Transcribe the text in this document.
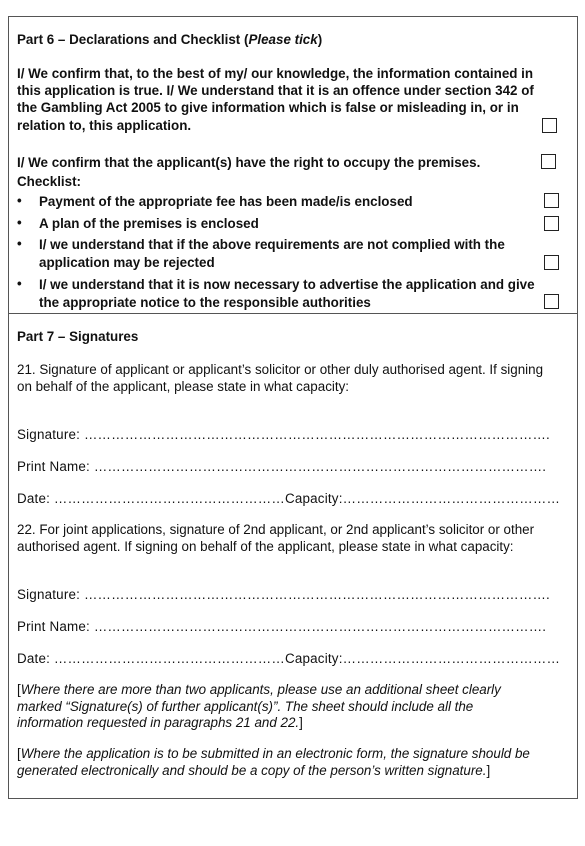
Part 6 – Declarations and Checklist (Please tick)
I/ We confirm that, to the best of my/ our knowledge, the information contained in
this application is true. I/ We understand that it is an offence under section 342 of
the Gambling Act 2005 to give information which is false or misleading in, or in
relation to, this application.
I/ We confirm that the applicant(s) have the right to occupy the premises.
Checklist:
• Payment of the appropriate fee has been made/is enclosed
• A plan of the premises is enclosed
• I/ we understand that if the above requirements are not complied with the
application may be rejected
• I/ we understand that it is now necessary to advertise the application and give
the appropriate notice to the responsible authorities
Part 7 – Signatures
21. Signature of applicant or applicant’s solicitor or other duly authorised agent. If signing
on behalf of the applicant, please state in what capacity:
Signature: ………………………………………………………………………………………….
Print Name: ……………………………………………………………………………………….
Date: …………………………………………… Capacity:…………………………………………
22. For joint applications, signature of 2nd applicant, or 2nd applicant’s solicitor or other
authorised agent. If signing on behalf of the applicant, please state in what capacity:
Signature: ………………………………………………………………………………………….
Print Name: ……………………………………………………………………………………….
Date: …………………………………………… Capacity:…………………………………………
[Where there are more than two applicants, please use an additional sheet clearly
marked “Signature(s) of further applicant(s)”. The sheet should include all the
information requested in paragraphs 21 and 22.]
[Where the application is to be submitted in an electronic form, the signature should be
generated electronically and should be a copy of the person’s written signature.]
